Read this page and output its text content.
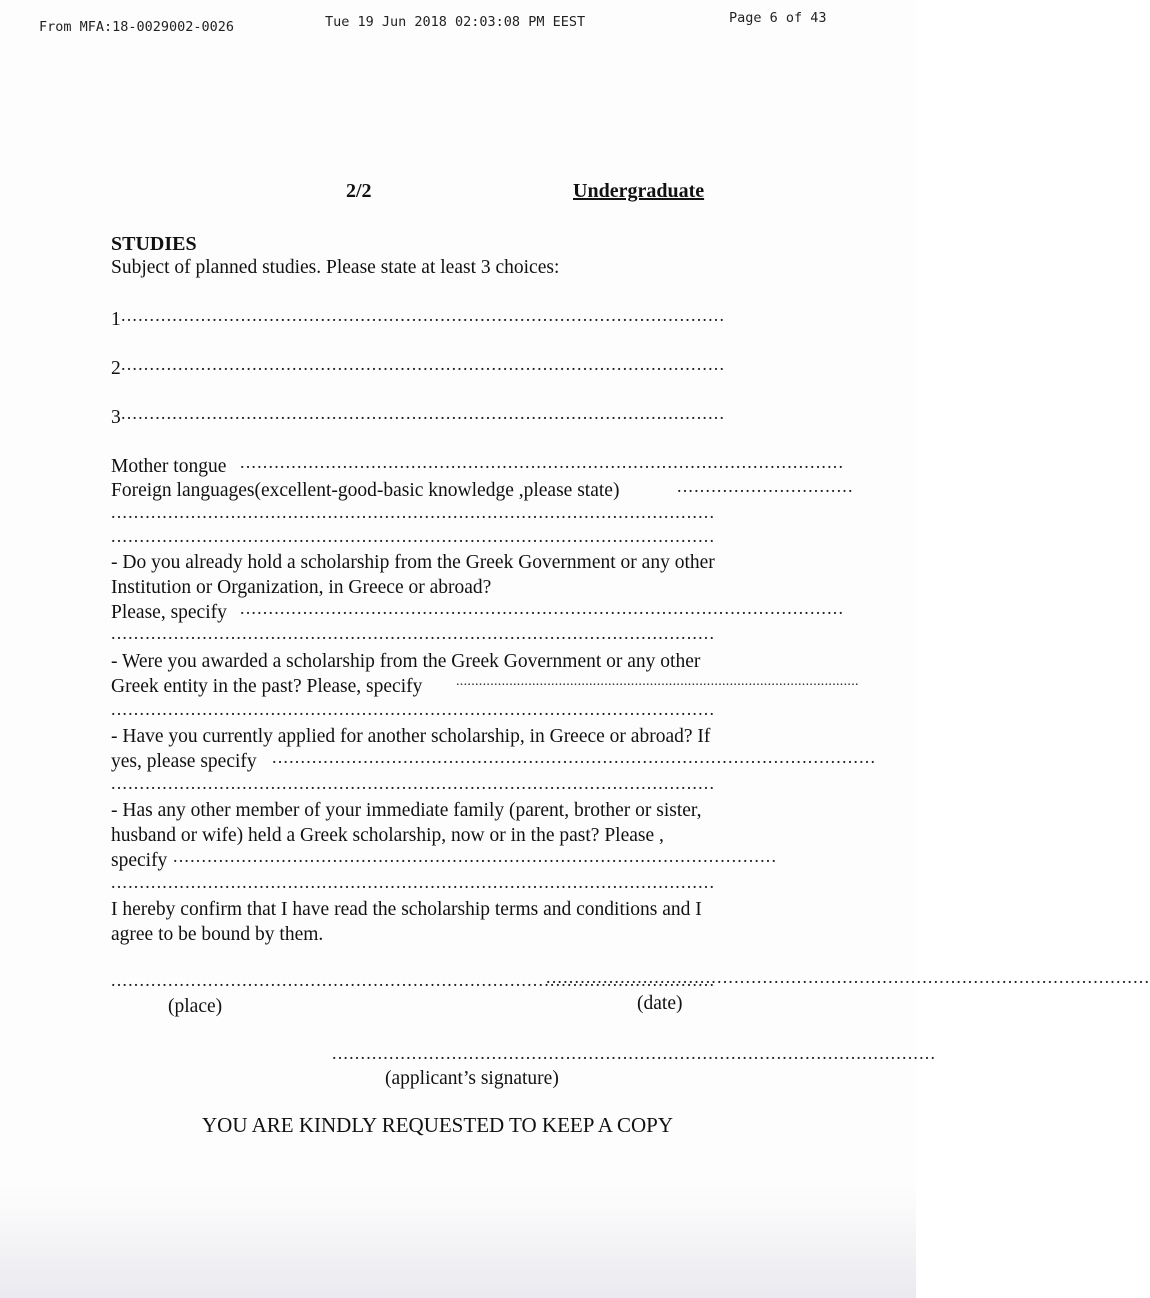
From MFA:18-0029002-0026	Tue 19 Jun 2018 02:03:08 PM EEST	Page 6 of 43
2/2	Undergraduate
STUDIES
Subject of planned studies. Please state at least 3 choices:
1 ..........................................................................................................
2 ..........................................................................................................
3 ..........................................................................................................
Mother tongue ..........................................................................................................
Foreign languages(excellent-good-basic knowledge ,please state)	...............................
..........................................................................................................
..........................................................................................................
- Do you already hold a scholarship from the Greek Government or any other
Institution or Organization, in Greece or abroad?
Please, specify ..........................................................................................................
..........................................................................................................
- Were you awarded a scholarship from the Greek Government or any other
Greek entity in the past? Please, specify ..........................................................................................................
..........................................................................................................
- Have you currently applied for another scholarship, in Greece or abroad? If
yes, please specify ..........................................................................................................
..........................................................................................................
- Has any other member of your immediate family (parent, brother or sister,
husband or wife) held a Greek scholarship, now or in the past? Please ,
specify ..........................................................................................................
..........................................................................................................
I hereby confirm that I have read the scholarship terms and conditions and I
agree to be bound by them.
..........................................................................................................
(place)
..........................................................................................................
(date)
..........................................................................................................
(applicant’s signature)
YOU ARE KINDLY REQUESTED TO KEEP A COPY
